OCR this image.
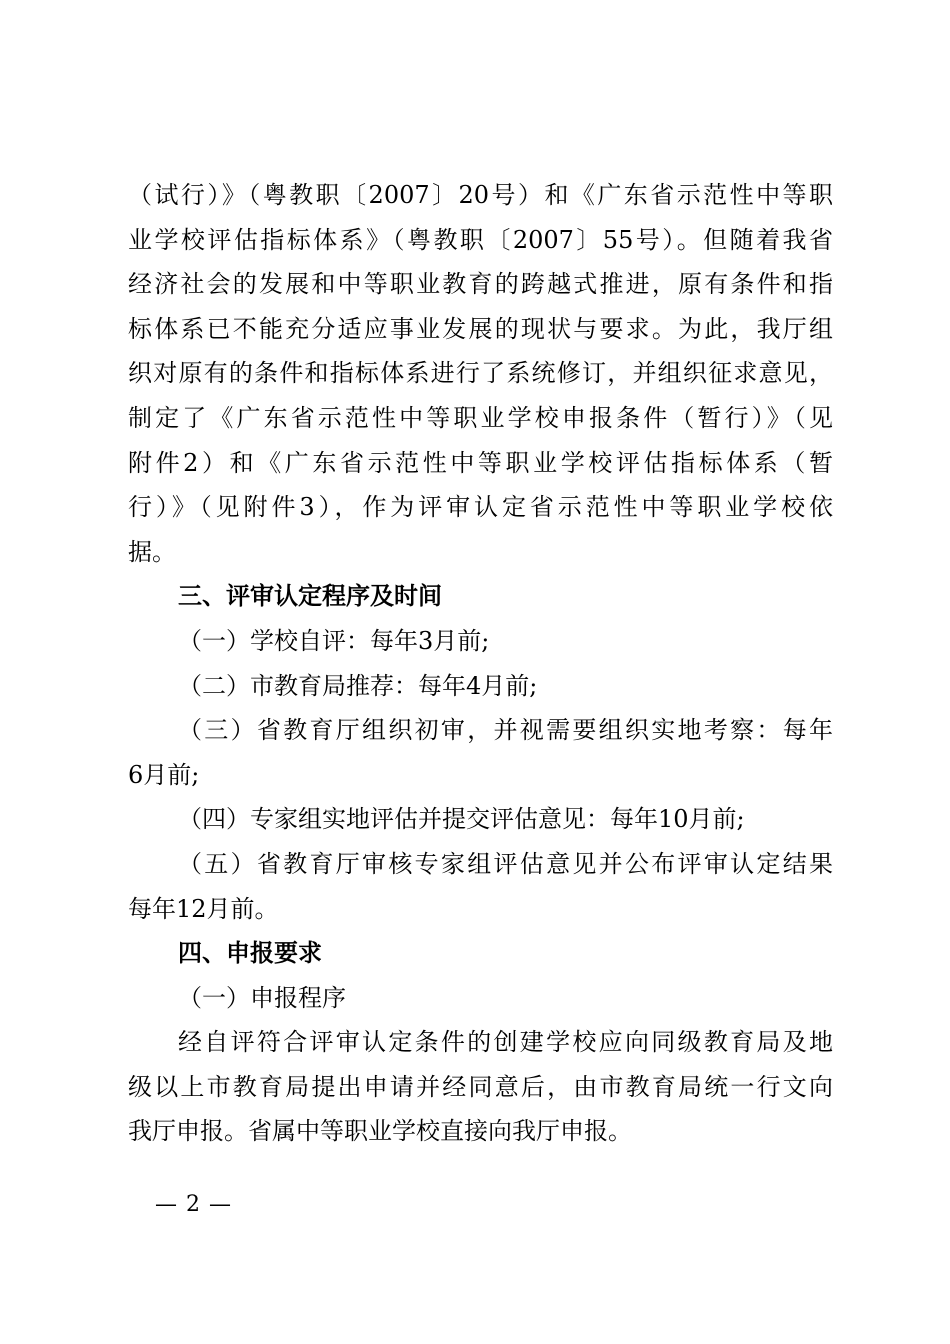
（试行）》（粤教职〔2007〕20号）和《广东省示范性中等职
业学校评估指标体系》（粤教职〔2007〕55号）。但随着我省
经济社会的发展和中等职业教育的跨越式推进，原有条件和指
标体系已不能充分适应事业发展的现状与要求。为此，我厅组
织对原有的条件和指标体系进行了系统修订，并组织征求意见，
制定了《广东省示范性中等职业学校申报条件（暂行）》（见
附件2）和《广东省示范性中等职业学校评估指标体系（暂
行）》（见附件3），作为评审认定省示范性中等职业学校依
据。
三、评审认定程序及时间
（一）学校自评：每年3月前;
（二）市教育局推荐：每年4月前;
（三）省教育厅组织初审，并视需要组织实地考察：每年
6月前;
（四）专家组实地评估并提交评估意见：每年10月前;
（五）省教育厅审核专家组评估意见并公布评审认定结果
每年12月前。
四、申报要求
（一）申报程序
经自评符合评审认定条件的创建学校应向同级教育局及地
级以上市教育局提出申请并经同意后，由市教育局统一行文向
我厅申报。省属中等职业学校直接向我厅申报。
— 2 —
